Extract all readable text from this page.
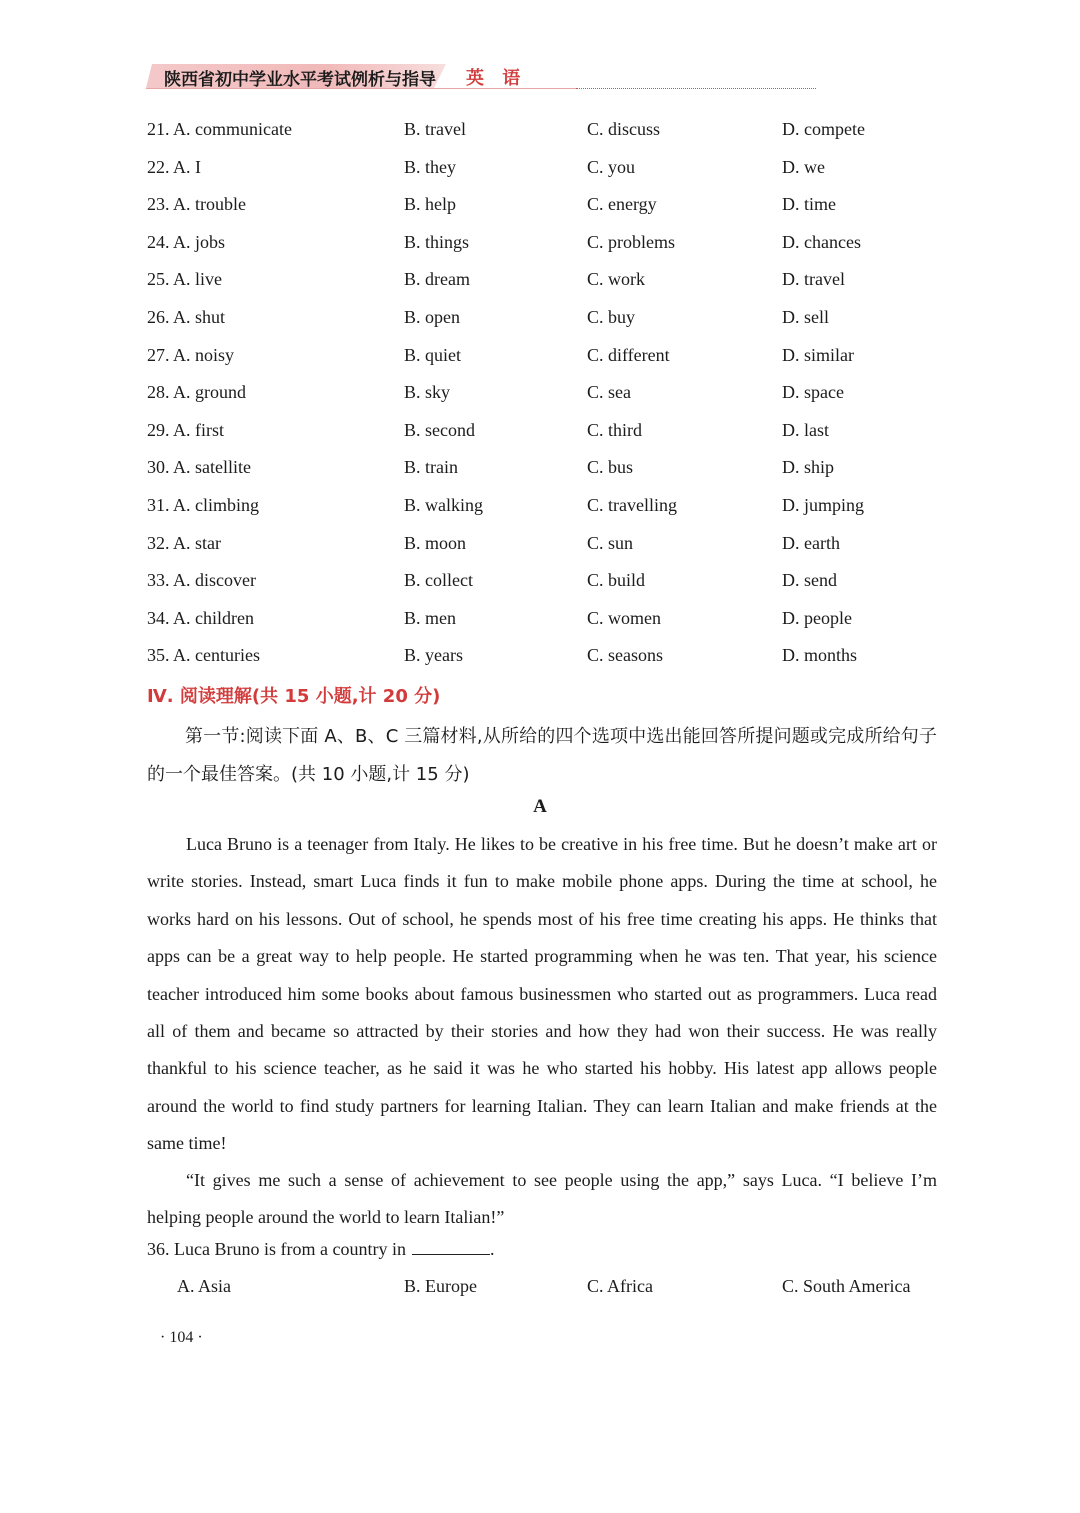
陕西省初中学业水平考试例析与指导 英 语
21. A. communicate	B. travel	C. discuss	D. compete
22. A. I	B. they	C. you	D. we
23. A. trouble	B. help	C. energy	D. time
24. A. jobs	B. things	C. problems	D. chances
25. A. live	B. dream	C. work	D. travel
26. A. shut	B. open	C. buy	D. sell
27. A. noisy	B. quiet	C. different	D. similar
28. A. ground	B. sky	C. sea	D. space
29. A. first	B. second	C. third	D. last
30. A. satellite	B. train	C. bus	D. ship
31. A. climbing	B. walking	C. travelling	D. jumping
32. A. star	B. moon	C. sun	D. earth
33. A. discover	B. collect	C. build	D. send
34. A. children	B. men	C. women	D. people
35. A. centuries	B. years	C. seasons	D. months
Ⅳ. 阅读理解(共 15 小题,计 20 分)
第一节:阅读下面 A、B、C 三篇材料,从所给的四个选项中选出能回答所提问题或完成所给句子的一个最佳答案。(共 10 小题,计 15 分)
A
Luca Bruno is a teenager from Italy. He likes to be creative in his free time. But he doesn’t make art or write stories. Instead, smart Luca finds it fun to make mobile phone apps. During the time at school, he works hard on his lessons. Out of school, he spends most of his free time creating his apps. He thinks that apps can be a great way to help people. He started programming when he was ten. That year, his science teacher introduced him some books about famous businessmen who started out as programmers. Luca read all of them and became so attracted by their stories and how they had won their success. He was really thankful to his science teacher, as he said it was he who started his hobby. His latest app allows people around the world to find study partners for learning Italian. They can learn Italian and make friends at the same time!
“It gives me such a sense of achievement to see people using the app,” says Luca. “I believe I’m helping people around the world to learn Italian!”
36. Luca Bruno is from a country in	.
A. Asia	B. Europe	C. Africa	C. South America
· 104 ·
